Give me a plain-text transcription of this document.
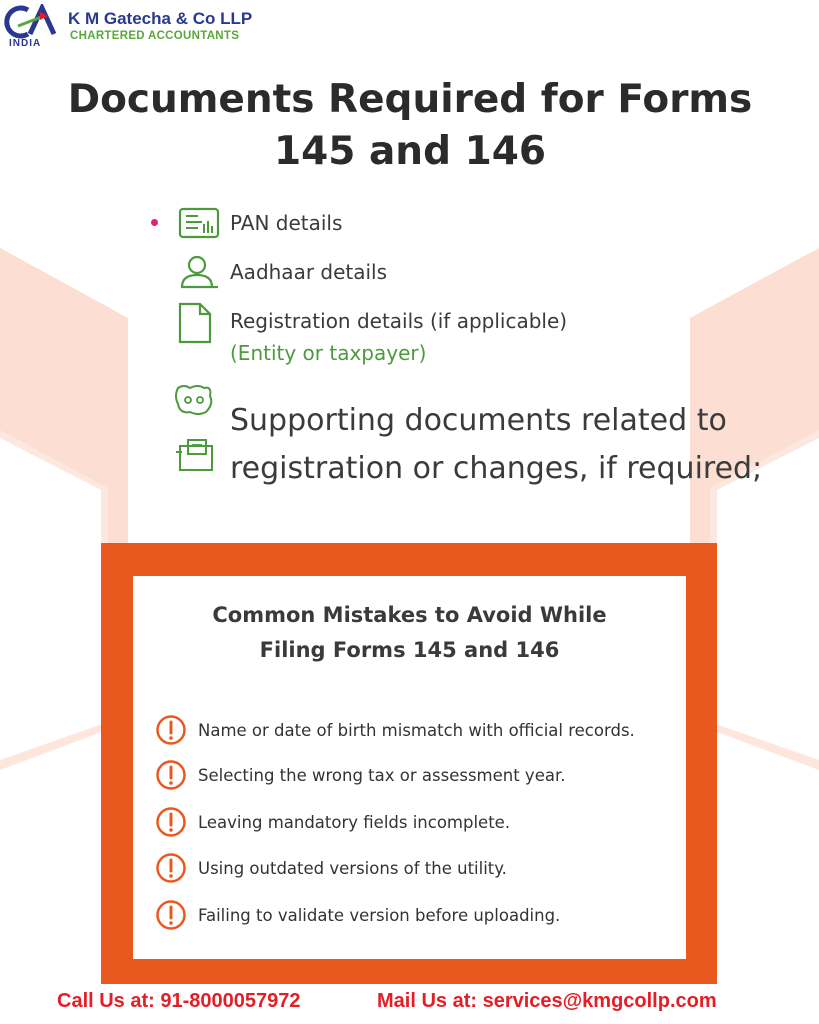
INDIA
K M Gatecha & Co LLP
CHARTERED ACCOUNTANTS
Documents Required for Forms 145 and 146
PAN details
Aadhaar details
Registration details (if applicable)
(Entity or taxpayer)
Supporting documents related to
registration or changes, if required;
Common Mistakes to Avoid While
Filing Forms 145 and 146
Name or date of birth mismatch with official records.
Selecting the wrong tax or assessment year.
Leaving mandatory fields incomplete.
Using outdated versions of the utility.
Failing to validate version before uploading.
Call Us at: 91-8000057972	Mail Us at: services@kmgcollp.com
